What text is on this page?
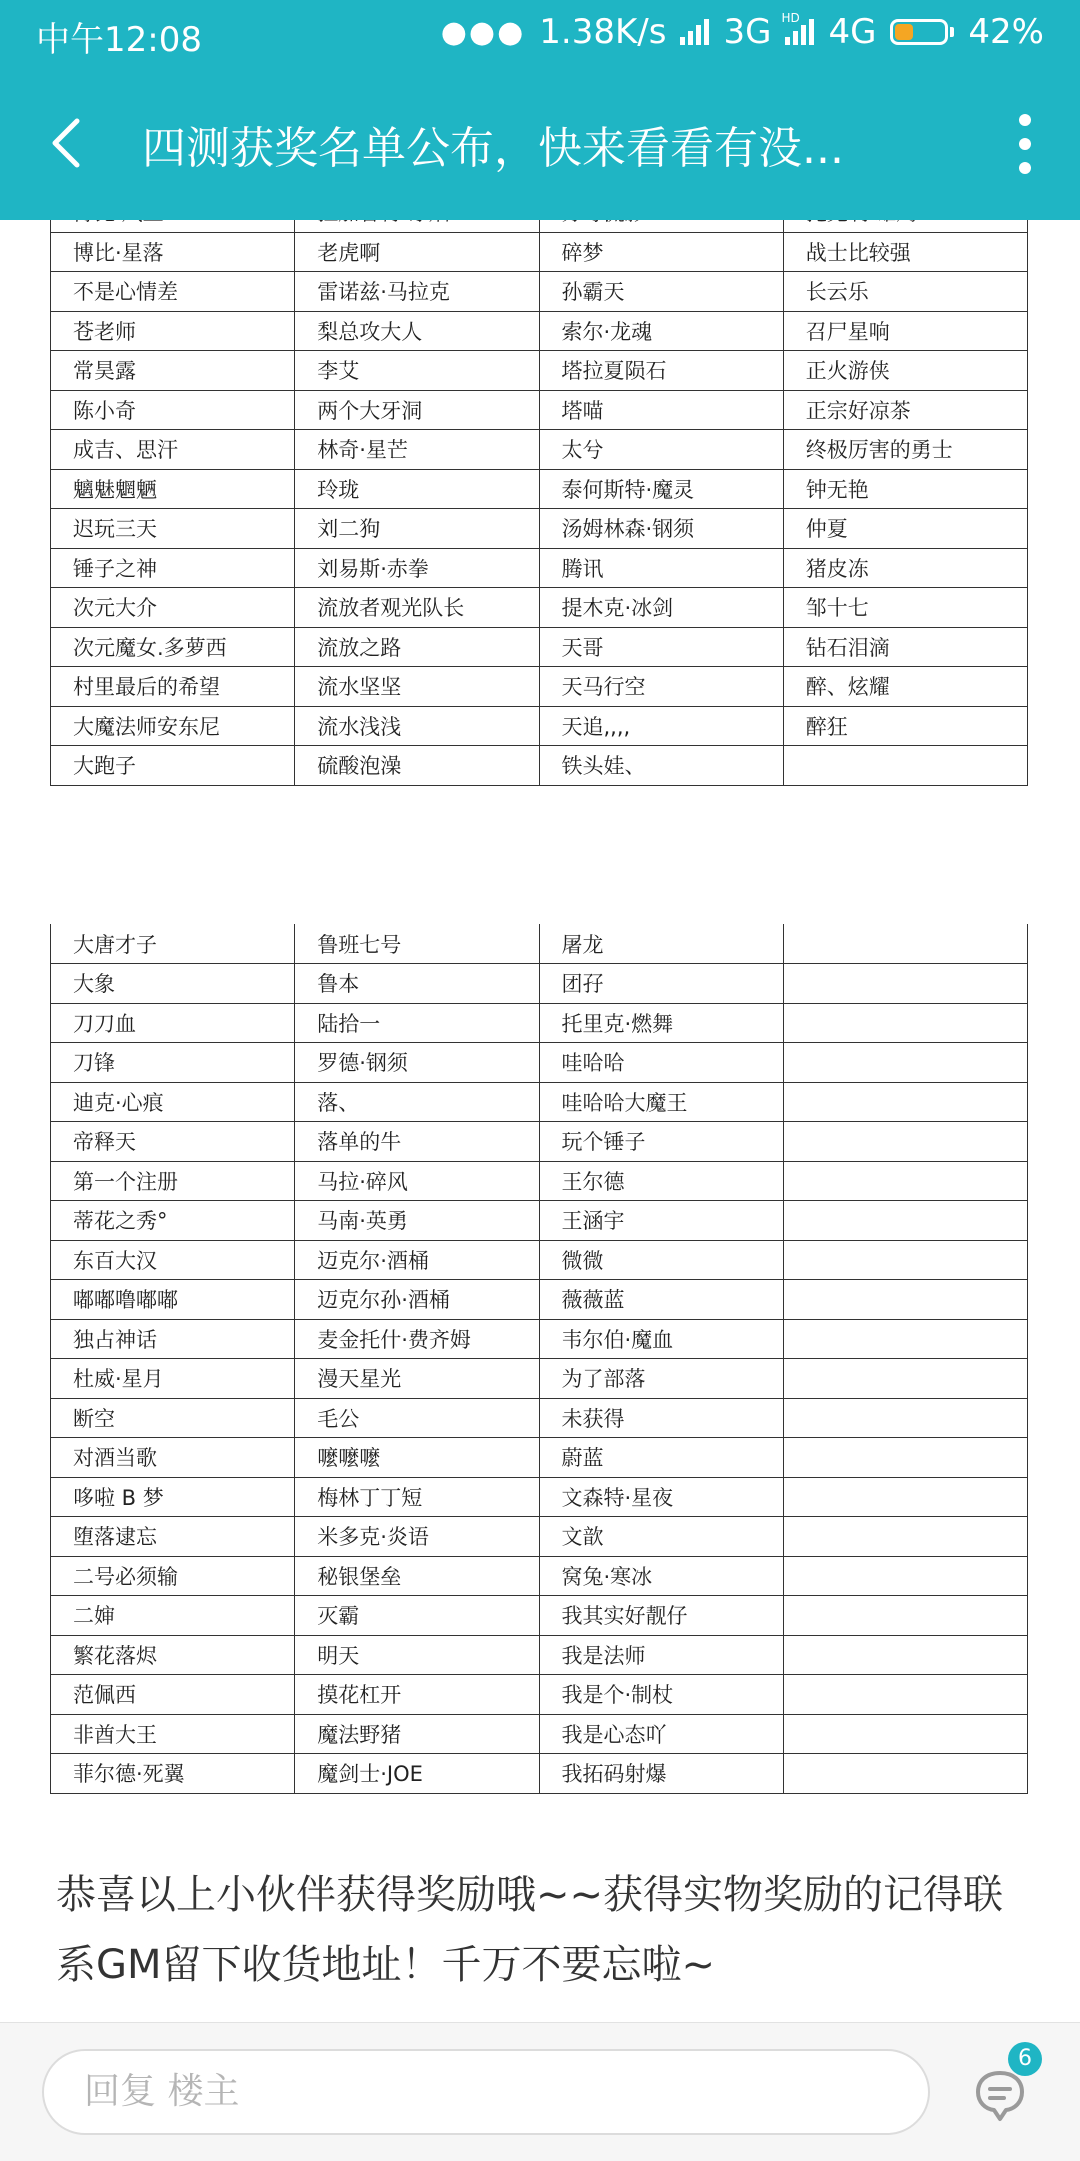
中午12:08	●●● 1.38K/s 3G HD 4G	42%
四测获奖名单公布，快来看看有没...

博比·星落	老虎啊	碎梦	战士比较强
不是心情差	雷诺兹·马拉克	孙霸天	长云乐
苍老师	梨总攻大人	索尔·龙魂	召尸星响
常昊露	李艾	塔拉夏陨石	正火游侠
陈小奇	两个大牙洞	塔喵	正宗好凉茶
成吉、思汗	林奇·星芒	太兮	终极厉害的勇士
魑魅魍魉	玲珑	泰何斯特·魔灵	钟无艳
迟玩三天	刘二狗	汤姆林森·钢须	仲夏
锤子之神	刘易斯·赤拳	腾讯	猪皮冻
次元大介	流放者观光队长	提木克·冰剑	邹十七
次元魔女.多萝西	流放之路	天哥	钻石泪滴
村里最后的希望	流水坚坚	天马行空	醉、炫耀
大魔法师安东尼	流水浅浅	天追,,,,	醉狂
大跑子	硫酸泡澡	铁头娃、	
大唐才子	鲁班七号	屠龙	
大象	鲁本	团孖	
刀刀血	陆拾一	托里克·燃舞	
刀锋	罗德·钢须	哇哈哈	
迪克·心痕	落、	哇哈哈大魔王	
帝释天	落单的牛	玩个锤子	
第一个注册	马拉·碎风	王尔德	
蒂花之秀°	马南·英勇	王涵宇	
东百大汉	迈克尔·酒桶	微微	
嘟嘟噜嘟嘟	迈克尔孙·酒桶	薇薇蓝	
独占神话	麦金托什·费齐姆	韦尔伯·魔血	
杜威·星月	漫天星光	为了部落	
断空	毛公	未获得	
对酒当歌	嚒嚒嚒	蔚蓝	
哆啦 B 梦	梅林丁丁短	文森特·星夜	
堕落逮忘	米多克·炎语	文歆	
二号必须输	秘银堡垒	窝兔·寒冰	
二婶	灭霸	我其实好靓仔	
繁花落烬	明天	我是法师	
范佩西	摸花杠开	我是个·制杖	
非酋大王	魔法野猪	我是心态吖	
菲尔德·死翼	魔剑士·JOE	我拓码射爆	
恭喜以上小伙伴获得奖励哦~~获得实物奖励的记得联系GM留下收货地址！千万不要忘啦~
回复 楼主
6
